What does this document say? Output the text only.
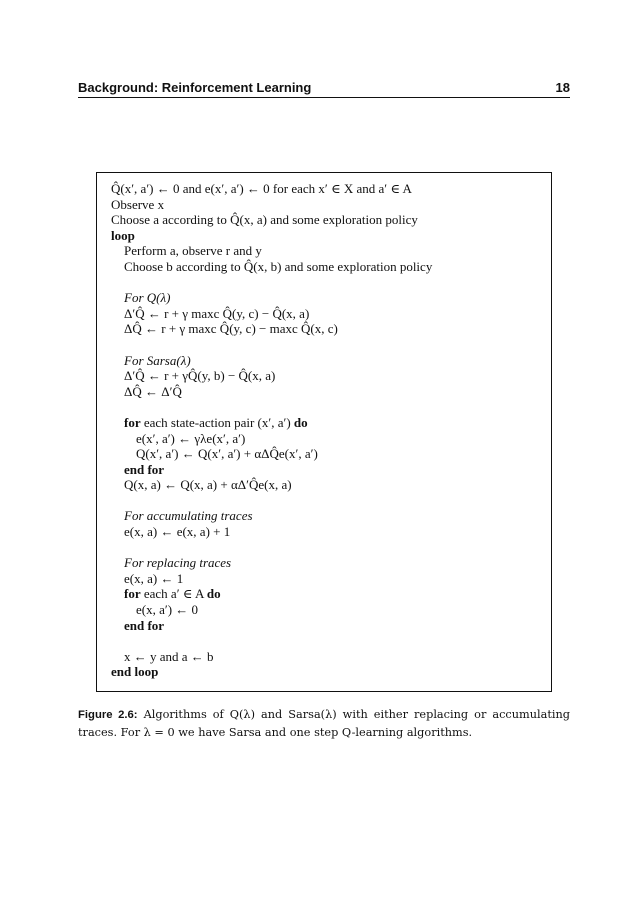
Background: Reinforcement Learning	18
Q̂(x′, a′) ← 0 and e(x′, a′) ← 0 for each x′ ∈ X and a′ ∈ A
Observe x
Choose a according to Q̂(x, a) and some exploration policy
loop
Perform a, observe r and y
Choose b according to Q̂(x, b) and some exploration policy
For Q(λ)
Δ′Q̂ ← r + γ maxc Q̂(y, c) − Q̂(x, a)
ΔQ̂ ← r + γ maxc Q̂(y, c) − maxc Q̂(x, c)
For Sarsa(λ)
Δ′Q̂ ← r + γQ̂(y, b) − Q̂(x, a)
ΔQ̂ ← Δ′Q̂
for each state-action pair (x′, a′) do
e(x′, a′) ← γλe(x′, a′)
Q(x′, a′) ← Q(x′, a′) + αΔQ̂e(x′, a′)
end for
Q(x, a) ← Q(x, a) + αΔ′Q̂e(x, a)
For accumulating traces
e(x, a) ← e(x, a) + 1
For replacing traces
e(x, a) ← 1
for each a′ ∈ A do
e(x, a′) ← 0
end for
x ← y and a ← b
end loop
Figure 2.6: Algorithms of Q(λ) and Sarsa(λ) with either replacing or accumulating traces. For λ = 0 we have Sarsa and one step Q-learning algorithms.
